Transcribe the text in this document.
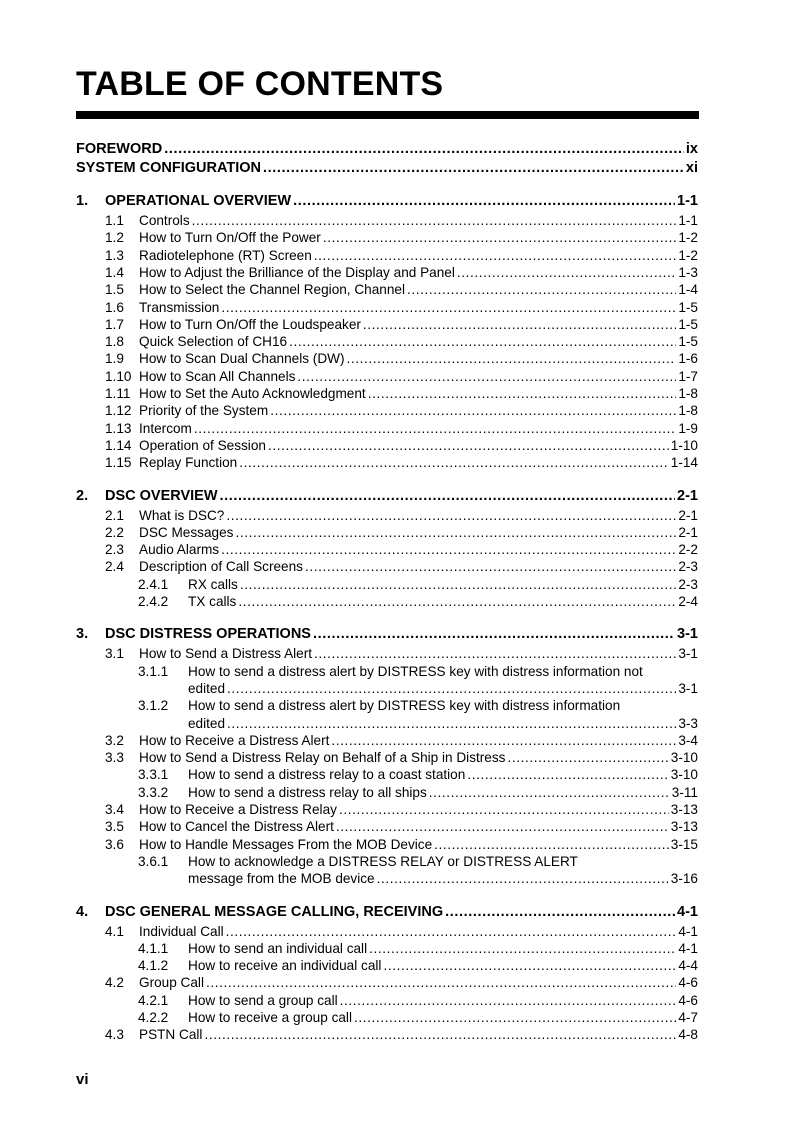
TABLE OF CONTENTS
FOREWORD .....	ix
SYSTEM CONFIGURATION .....	xi
1.	OPERATIONAL OVERVIEW .....	1-1
1.1	Controls .....	1-1
1.2	How to Turn On/Off the Power .....	1-2
1.3	Radiotelephone (RT) Screen .....	1-2
1.4	How to Adjust the Brilliance of the Display and Panel .....	1-3
1.5	How to Select the Channel Region, Channel .....	1-4
1.6	Transmission .....	1-5
1.7	How to Turn On/Off the Loudspeaker .....	1-5
1.8	Quick Selection of CH16 .....	1-5
1.9	How to Scan Dual Channels (DW) .....	1-6
1.10 How to Scan All Channels .....	1-7
1.11 How to Set the Auto Acknowledgment .....	1-8
1.12 Priority of the System .....	1-8
1.13 Intercom .....	1-9
1.14 Operation of Session .....	1-10
1.15 Replay Function .....	1-14
2.	DSC OVERVIEW .....	2-1
2.1	What is DSC? .....	2-1
2.2	DSC Messages .....	2-1
2.3	Audio Alarms .....	2-2
2.4	Description of Call Screens .....	2-3
2.4.1	RX calls .....	2-3
2.4.2	TX calls .....	2-4
3.	DSC DISTRESS OPERATIONS .....	3-1
3.1	How to Send a Distress Alert .....	3-1
3.1.1 How to send a distress alert by DISTRESS key with distress information not
edited .....	3-1
3.1.2 How to send a distress alert by DISTRESS key with distress information
edited .....	3-3
3.2	How to Receive a Distress Alert .....	3-4
3.3	How to Send a Distress Relay on Behalf of a Ship in Distress .....	3-10
3.3.1	How to send a distress relay to a coast station .....	3-10
3.3.2	How to send a distress relay to all ships .....	3-11
3.4	How to Receive a Distress Relay .....	3-13
3.5	How to Cancel the Distress Alert .....	3-13
3.6	How to Handle Messages From the MOB Device .....	3-15
3.6.1 How to acknowledge a DISTRESS RELAY or DISTRESS ALERT
message from the MOB device .....	3-16
4.	DSC GENERAL MESSAGE CALLING, RECEIVING .....	4-1
4.1	Individual Call .....	4-1
4.1.1	How to send an individual call .....	4-1
4.1.2	How to receive an individual call .....	4-4
4.2	Group Call .....	4-6
4.2.1	How to send a group call .....	4-6
4.2.2	How to receive a group call .....	4-7
4.3	PSTN Call .....	4-8
vi
